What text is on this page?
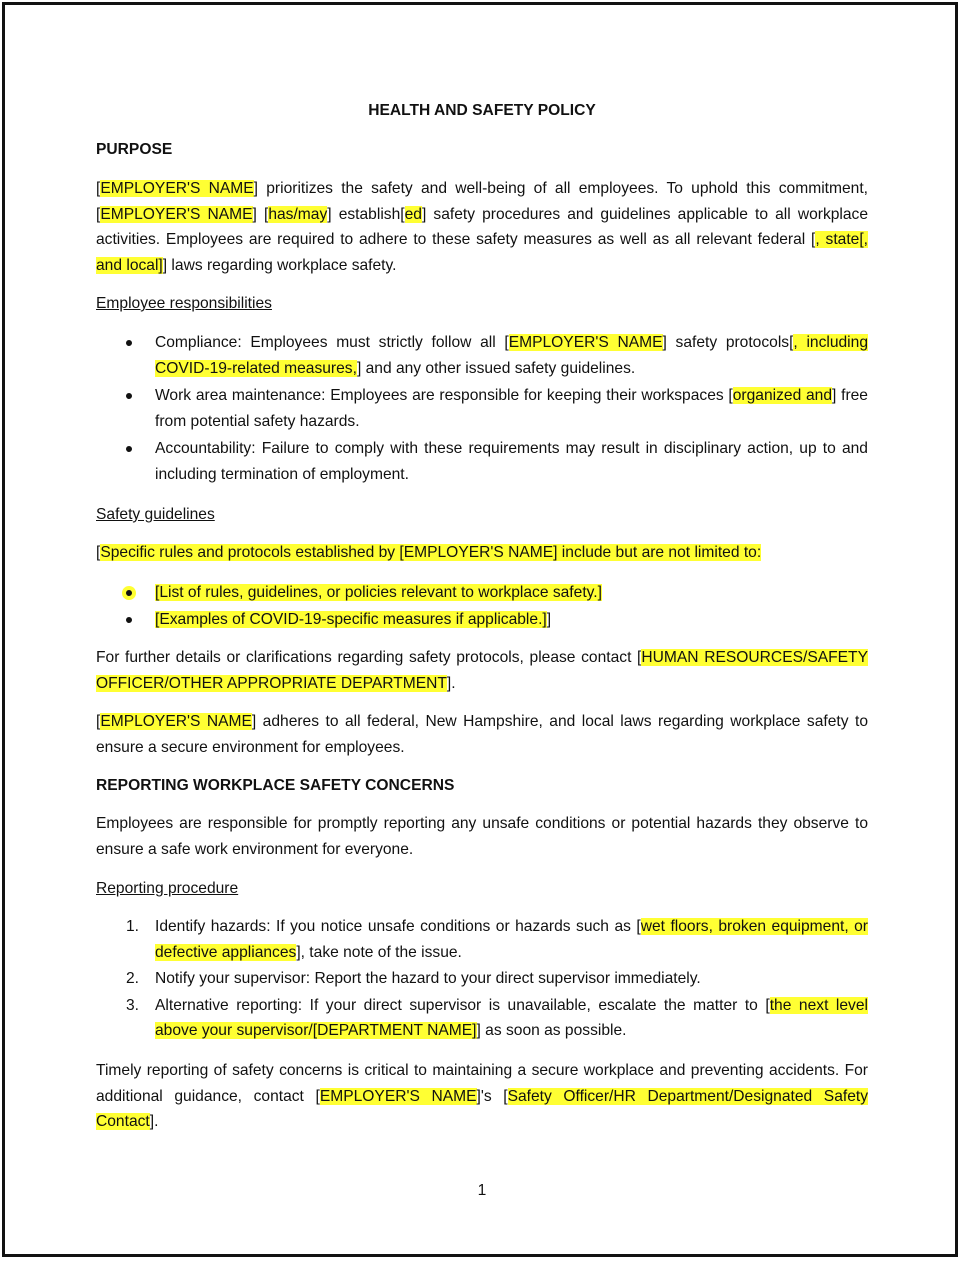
HEALTH AND SAFETY POLICY
PURPOSE

[EMPLOYER'S NAME] prioritizes the safety and well-being of all employees. To uphold this commitment, [EMPLOYER'S NAME] [has/may] establish[ed] safety procedures and guidelines applicable to all workplace activities. Employees are required to adhere to these safety measures as well as all relevant federal [, state[, and local]] laws regarding workplace safety.

Employee responsibilities
Compliance: Employees must strictly follow all [EMPLOYER'S NAME] safety protocols[, including COVID-19-related measures,] and any other issued safety guidelines.
Work area maintenance: Employees are responsible for keeping their workspaces [organized and] free from potential safety hazards.
Accountability: Failure to comply with these requirements may result in disciplinary action, up to and including termination of employment.
Safety guidelines

[Specific rules and protocols established by [EMPLOYER'S NAME] include but are not limited to:

[List of rules, guidelines, or policies relevant to workplace safety.]
[Examples of COVID-19-specific measures if applicable.]]

For further details or clarifications regarding safety protocols, please contact [HUMAN RESOURCES/SAFETY OFFICER/OTHER APPROPRIATE DEPARTMENT].

[EMPLOYER'S NAME] adheres to all federal, New Hampshire, and local laws regarding workplace safety to ensure a secure environment for employees.

REPORTING WORKPLACE SAFETY CONCERNS

Employees are responsible for promptly reporting any unsafe conditions or potential hazards they observe to ensure a safe work environment for everyone.

Reporting procedure
1. Identify hazards: If you notice unsafe conditions or hazards such as [wet floors, broken equipment, or defective appliances], take note of the issue.
2. Notify your supervisor: Report the hazard to your direct supervisor immediately.
3. Alternative reporting: If your direct supervisor is unavailable, escalate the matter to [the next level above your supervisor/[DEPARTMENT NAME]] as soon as possible.

Timely reporting of safety concerns is critical to maintaining a secure workplace and preventing accidents. For additional guidance, contact [EMPLOYER'S NAME]'s [Safety Officer/HR Department/Designated Safety Contact].

1
